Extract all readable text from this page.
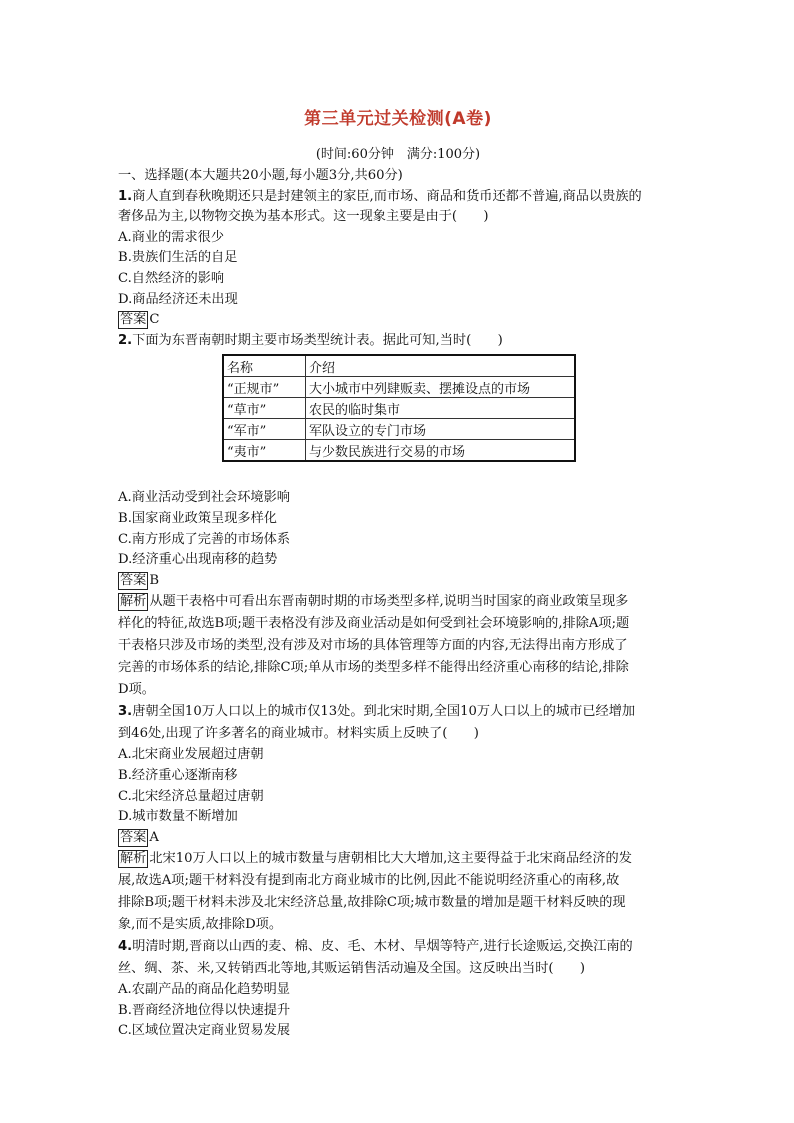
第三单元过关检测(A卷)
(时间:60分钟　满分:100分)

一、选择题(本大题共20小题,每小题3分,共60分)

1.商人直到春秋晚期还只是封建领主的家臣,而市场、商品和货币还都不普遍,商品以贵族的

奢侈品为主,以物物交换为基本形式。这一现象主要是由于(　　)

A.商业的需求很少

B.贵族们生活的自足

C.自然经济的影响

D.商品经济还未出现

答案 C

2.下面为东晋南朝时期主要市场类型统计表。据此可知,当时(　　)

名称	介绍
“正规市”	大小城市中列肆贩卖、摆摊设点的市场
“草市”	农民的临时集市
“军市”	军队设立的专门市场
“夷市”	与少数民族进行交易的市场

A.商业活动受到社会环境影响

B.国家商业政策呈现多样化

C.南方形成了完善的市场体系

D.经济重心出现南移的趋势

答案 B

解析 从题干表格中可看出东晋南朝时期的市场类型多样,说明当时国家的商业政策呈现多

样化的特征,故选B项;题干表格没有涉及商业活动是如何受到社会环境影响的,排除A项;题

干表格只涉及市场的类型,没有涉及对市场的具体管理等方面的内容,无法得出南方形成了

完善的市场体系的结论,排除C项;单从市场的类型多样不能得出经济重心南移的结论,排除

D项。

3.唐朝全国10万人口以上的城市仅13处。到北宋时期,全国10万人口以上的城市已经增加

到46处,出现了许多著名的商业城市。材料实质上反映了(　　)

A.北宋商业发展超过唐朝

B.经济重心逐渐南移

C.北宋经济总量超过唐朝

D.城市数量不断增加

答案 A

解析 北宋10万人口以上的城市数量与唐朝相比大大增加,这主要得益于北宋商品经济的发

展,故选A项;题干材料没有提到南北方商业城市的比例,因此不能说明经济重心的南移,故

排除B项;题干材料未涉及北宋经济总量,故排除C项;城市数量的增加是题干材料反映的现

象,而不是实质,故排除D项。

4.明清时期,晋商以山西的麦、棉、皮、毛、木材、旱烟等特产,进行长途贩运,交换江南的

丝、绸、茶、米,又转销西北等地,其贩运销售活动遍及全国。这反映出当时(　　)

A.农副产品的商品化趋势明显

B.晋商经济地位得以快速提升

C.区域位置决定商业贸易发展
